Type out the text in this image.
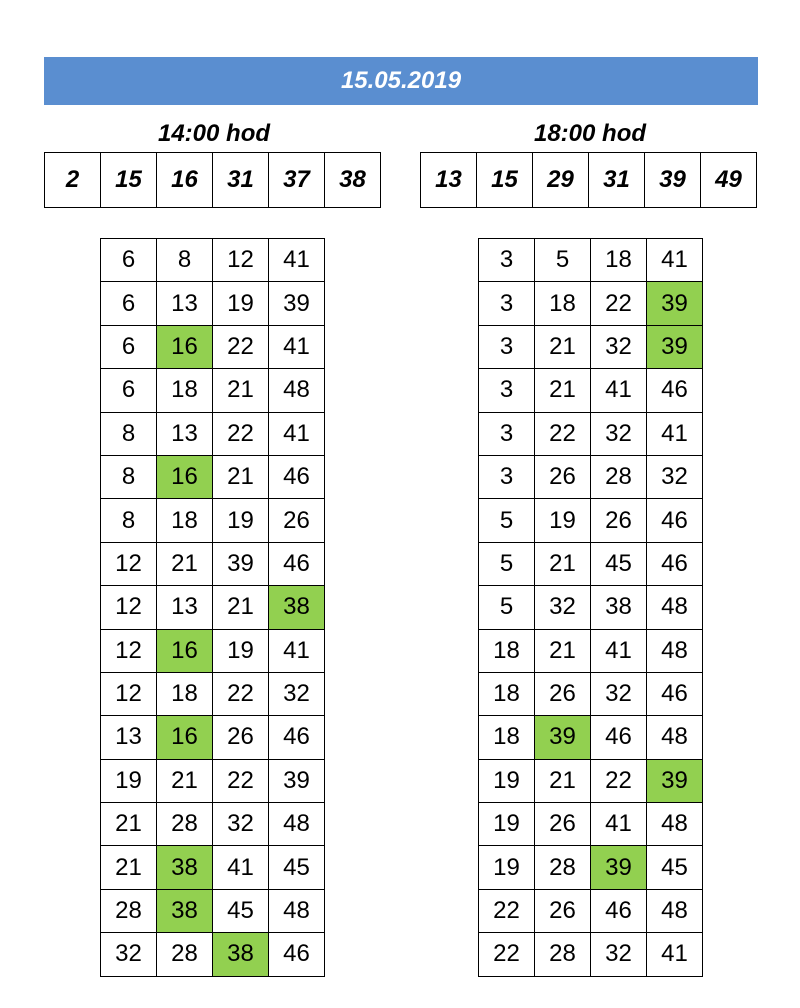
15.05.2019
14:00 hod	18:00 hod
2	15	16	31	37	38	13	15	29	31	39	49
6	8	12	41
6	13	19	39
6	16	22	41
6	18	21	48
8	13	22	41
8	16	21	46
8	18	19	26
12	21	39	46
12	13	21	38
12	16	19	41
12	18	22	32
13	16	26	46
19	21	22	39
21	28	32	48
21	38	41	45
28	38	45	48
32	28	38	46
3	5	18	41
3	18	22	39
3	21	32	39
3	21	41	46
3	22	32	41
3	26	28	32
5	19	26	46
5	21	45	46
5	32	38	48
18	21	41	48
18	26	32	46
18	39	46	48
19	21	22	39
19	26	41	48
19	28	39	45
22	26	46	48
22	28	32	41
